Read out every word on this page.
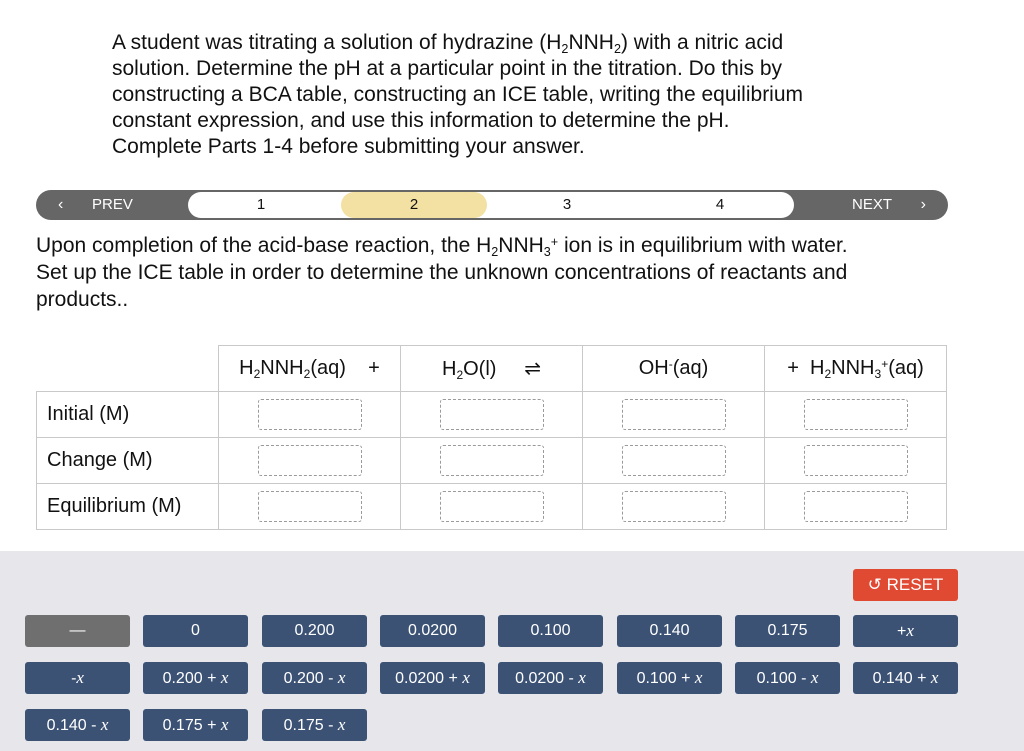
A student was titrating a solution of hydrazine $(H_2NNH_2)$ with a nitric acid
solution. Determine the pH at a particular point in the titration. Do this by
constructing a BCA table, constructing an ICE table, writing the equilibrium
constant expression, and use this information to determine the pH.
Complete Parts 1-4 before submitting your answer.
‹ PREV	1	2	3	4	NEXT ›
Upon completion of the acid-base reaction, the $H_2NNH_3^+$ ion is in equilibrium with water.
Set up the ICE table in order to determine the unknown concentrations of reactants and
products..
	$H_2NNH_2(aq)$ +	$H_2O(l)$ ⇌	OH-(aq)	+ $H_2NNH_3^+(aq)$
Initial (M)				
Change (M)				
Equilibrium (M)				
↺ RESET
—	0	0.200	0.0200	0.100	0.140	0.175	+x
-x	0.200 + x	0.200 - x	0.0200 + x	0.0200 - x	0.100 + x	0.100 - x	0.140 + x
0.140 - x	0.175 + x	0.175 - x
